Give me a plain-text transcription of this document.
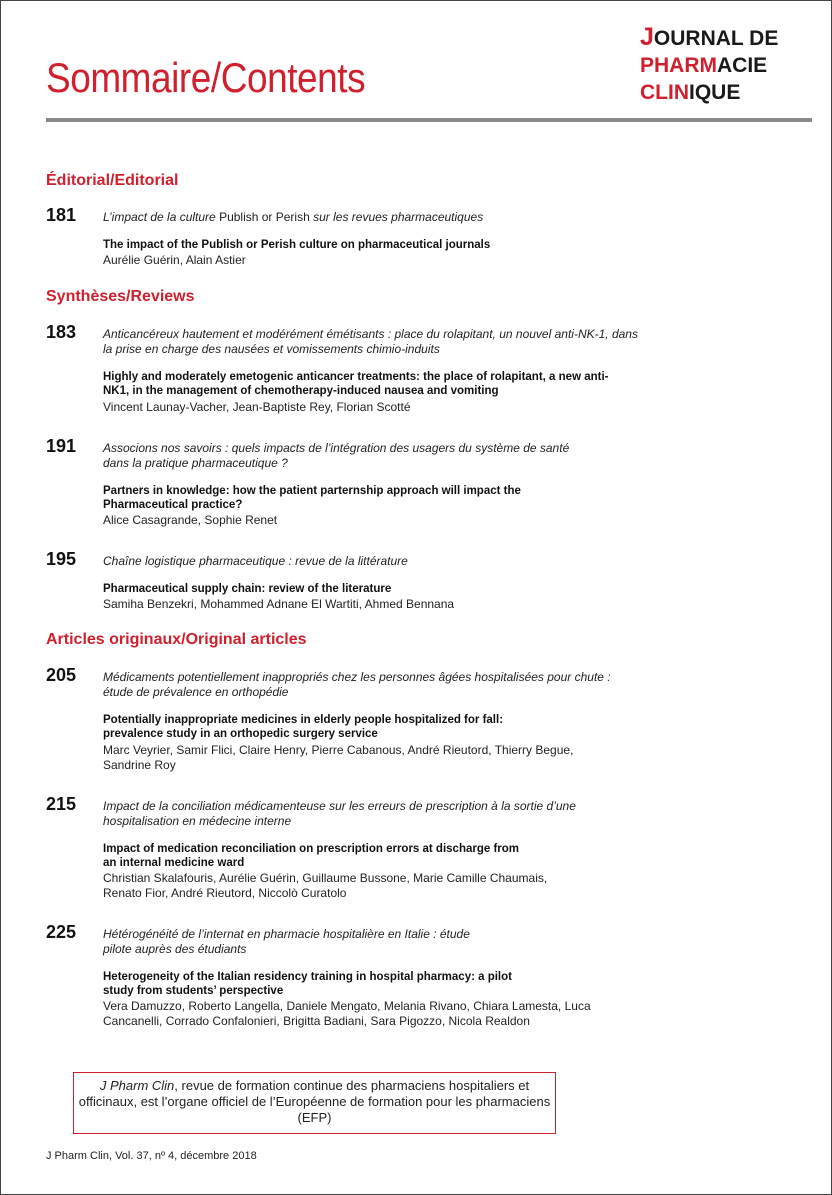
Sommaire/Contents
JOURNAL DE
PHARMACIE
CLINIQUE
Éditorial/Editorial
181 L’impact de la culture Publish or Perish sur les revues pharmaceutiques
The impact of the Publish or Perish culture on pharmaceutical journals
Aurélie Guérin, Alain Astier
Synthèses/Reviews
183 Anticancéreux hautement et modérément émétisants : place du rolapitant, un nouvel anti-NK-1, dans la prise en charge des nausées et vomissements chimio-induits
Highly and moderately emetogenic anticancer treatments: the place of rolapitant, a new anti-NK1, in the management of chemotherapy-induced nausea and vomiting
Vincent Launay-Vacher, Jean-Baptiste Rey, Florian Scotté
191 Associons nos savoirs : quels impacts de l’intégration des usagers du système de santé dans la pratique pharmaceutique ?
Partners in knowledge: how the patient parternship approach will impact the Pharmaceutical practice?
Alice Casagrande, Sophie Renet
195 Chaîne logistique pharmaceutique : revue de la littérature
Pharmaceutical supply chain: review of the literature
Samiha Benzekri, Mohammed Adnane El Wartiti, Ahmed Bennana
Articles originaux/Original articles
205 Médicaments potentiellement inappropriés chez les personnes âgées hospitalisées pour chute : étude de prévalence en orthopédie
Potentially inappropriate medicines in elderly people hospitalized for fall: prevalence study in an orthopedic surgery service
Marc Veyrier, Samir Flici, Claire Henry, Pierre Cabanous, André Rieutord, Thierry Begue, Sandrine Roy
215 Impact de la conciliation médicamenteuse sur les erreurs de prescription à la sortie d’une hospitalisation en médecine interne
Impact of medication reconciliation on prescription errors at discharge from an internal medicine ward
Christian Skalafouris, Aurélie Guérin, Guillaume Bussone, Marie Camille Chaumais, Renato Fior, André Rieutord, Niccolò Curatolo
225 Hétérogénéité de l’internat en pharmacie hospitalière en Italie : étude pilote auprès des étudiants
Heterogeneity of the Italian residency training in hospital pharmacy: a pilot study from students’ perspective
Vera Damuzzo, Roberto Langella, Daniele Mengato, Melania Rivano, Chiara Lamesta, Luca Cancanelli, Corrado Confalonieri, Brigitta Badiani, Sara Pigozzo, Nicola Realdon
J Pharm Clin, revue de formation continue des pharmaciens hospitaliers et officinaux, est l’organe officiel de l’Européenne de formation pour les pharmaciens (EFP)
J Pharm Clin, Vol. 37, nº 4, décembre 2018
